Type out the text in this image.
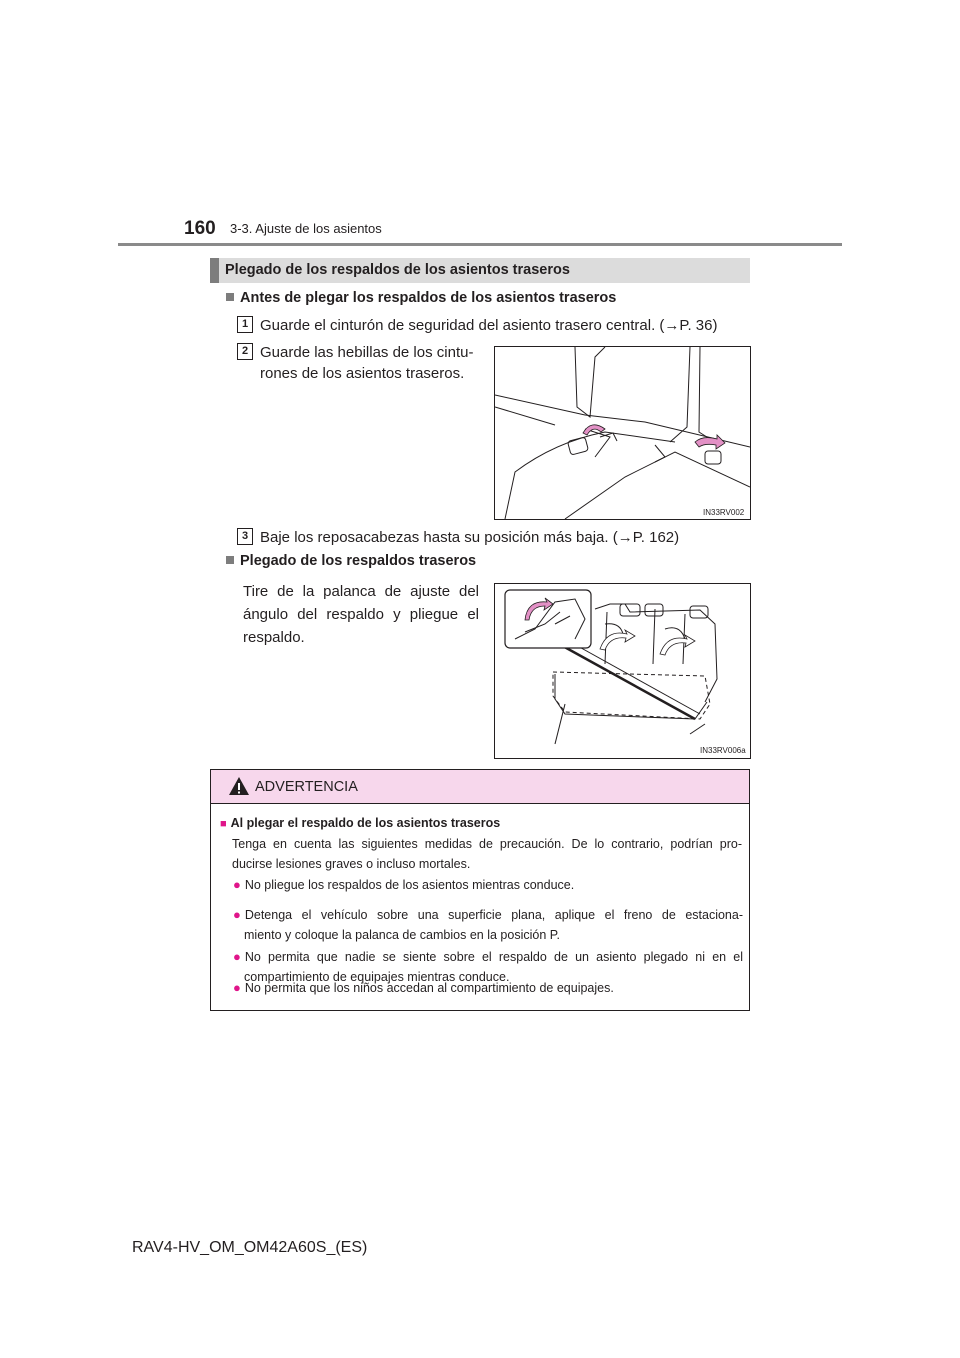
160 3-3. Ajuste de los asientos
Plegado de los respaldos de los asientos traseros
Antes de plegar los respaldos de los asientos traseros
1 Guarde el cinturón de seguridad del asiento trasero central. (→P. 36)
2 Guarde las hebillas de los cintu-
rones de los asientos traseros.
IN33RV002
3 Baje los reposacabezas hasta su posición más baja. (→P. 162)
Plegado de los respaldos traseros
Tire de la palanca de ajuste del
ángulo del respaldo y pliegue el
respaldo.
IN33RV006a
ADVERTENCIA
■ Al plegar el respaldo de los asientos traseros
Tenga en cuenta las siguientes medidas de precaución. De lo contrario, podrían pro-
ducirse lesiones graves o incluso mortales.
● No pliegue los respaldos de los asientos mientras conduce.
● Detenga el vehículo sobre una superficie plana, aplique el freno de estaciona-
miento y coloque la palanca de cambios en la posición P.
● No permita que nadie se siente sobre el respaldo de un asiento plegado ni en el
compartimiento de equipajes mientras conduce.
● No permita que los niños accedan al compartimiento de equipajes.
RAV4-HV_OM_OM42A60S_(ES)
